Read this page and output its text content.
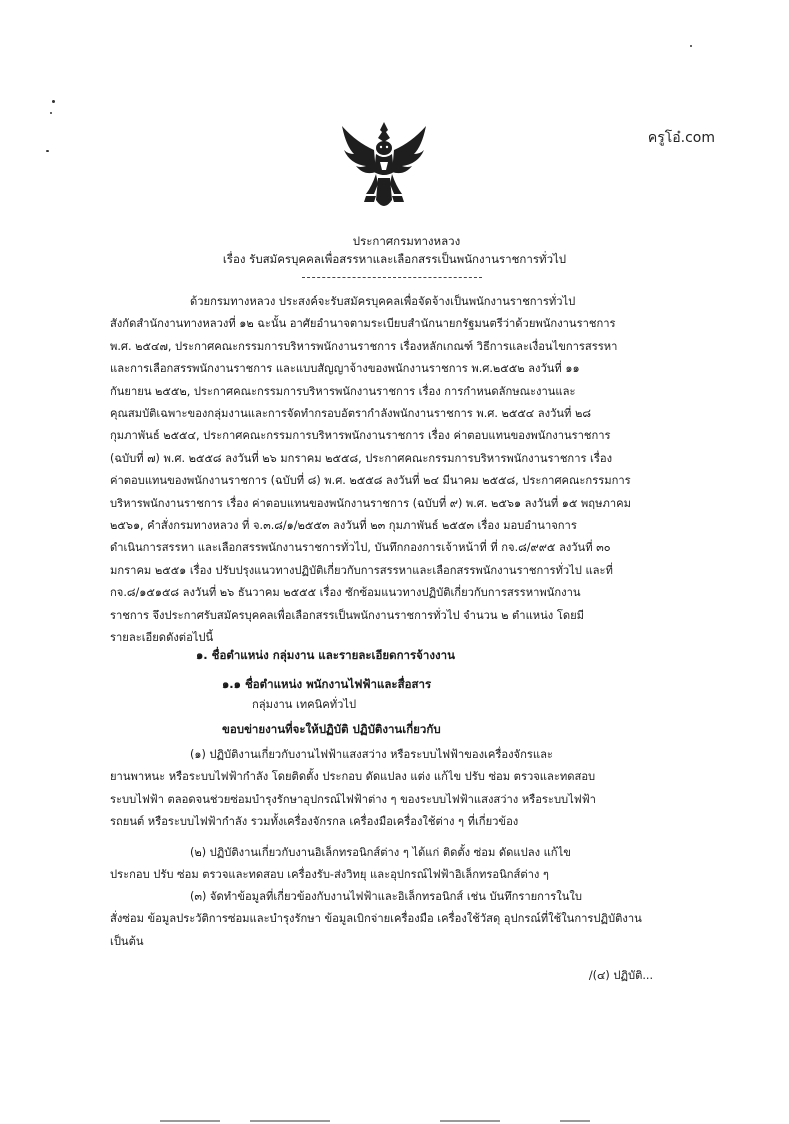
ครูโอ๋.com
ประกาศกรมทางหลวง
เรื่อง รับสมัครบุคคลเพื่อสรรหาและเลือกสรรเป็นพนักงานราชการทั่วไป
ด้วยกรมทางหลวง ประสงค์จะรับสมัครบุคคลเพื่อจัดจ้างเป็นพนักงานราชการทั่วไป
สังกัดสำนักงานทางหลวงที่ ๑๒ ฉะนั้น อาศัยอำนาจตามระเบียบสำนักนายกรัฐมนตรีว่าด้วยพนักงานราชการ
พ.ศ. ๒๕๔๗, ประกาศคณะกรรมการบริหารพนักงานราชการ เรื่องหลักเกณฑ์ วิธีการและเงื่อนไขการสรรหา
และการเลือกสรรพนักงานราชการ และแบบสัญญาจ้างของพนักงานราชการ พ.ศ.๒๕๕๒ ลงวันที่ ๑๑
กันยายน ๒๕๕๒, ประกาศคณะกรรมการบริหารพนักงานราชการ เรื่อง การกำหนดลักษณะงานและ
คุณสมบัติเฉพาะของกลุ่มงานและการจัดทำกรอบอัตรากำลังพนักงานราชการ พ.ศ. ๒๕๕๔ ลงวันที่ ๒๘
กุมภาพันธ์ ๒๕๕๔, ประกาศคณะกรรมการบริหารพนักงานราชการ เรื่อง ค่าตอบแทนของพนักงานราชการ
(ฉบับที่ ๗) พ.ศ. ๒๕๕๘ ลงวันที่ ๒๖ มกราคม ๒๕๕๘, ประกาศคณะกรรมการบริหารพนักงานราชการ เรื่อง
ค่าตอบแทนของพนักงานราชการ (ฉบับที่ ๘) พ.ศ. ๒๕๕๘ ลงวันที่ ๒๔ มีนาคม ๒๕๕๘, ประกาศคณะกรรมการ
บริหารพนักงานราชการ เรื่อง ค่าตอบแทนของพนักงานราชการ (ฉบับที่ ๙) พ.ศ. ๒๕๖๑ ลงวันที่ ๑๕ พฤษภาคม
๒๕๖๑, คำสั่งกรมทางหลวง ที่ จ.๓.๘/๑/๒๕๕๓ ลงวันที่ ๒๓ กุมภาพันธ์ ๒๕๕๓ เรื่อง มอบอำนาจการ
ดำเนินการสรรหา และเลือกสรรพนักงานราชการทั่วไป, บันทึกกองการเจ้าหน้าที่ ที่ กจ.๘/๙๙๕ ลงวันที่ ๓๐
มกราคม ๒๕๕๑ เรื่อง ปรับปรุงแนวทางปฏิบัติเกี่ยวกับการสรรหาและเลือกสรรพนักงานราชการทั่วไป และที่
กจ.๘/๑๕๑๕๘ ลงวันที่ ๒๖ ธันวาคม ๒๕๕๕ เรื่อง ซักซ้อมแนวทางปฏิบัติเกี่ยวกับการสรรหาพนักงาน
ราชการ จึงประกาศรับสมัครบุคคลเพื่อเลือกสรรเป็นพนักงานราชการทั่วไป จำนวน ๒ ตำแหน่ง โดยมี
รายละเอียดดังต่อไปนี้
๑. ชื่อตำแหน่ง กลุ่มงาน และรายละเอียดการจ้างงาน
๑.๑ ชื่อตำแหน่ง พนักงานไฟฟ้าและสื่อสาร
กลุ่มงาน เทคนิคทั่วไป
ขอบข่ายงานที่จะให้ปฏิบัติ ปฏิบัติงานเกี่ยวกับ
(๑) ปฏิบัติงานเกี่ยวกับงานไฟฟ้าแสงสว่าง หรือระบบไฟฟ้าของเครื่องจักรและ
ยานพาหนะ หรือระบบไฟฟ้ากำลัง โดยติดตั้ง ประกอบ ดัดแปลง แต่ง แก้ไข ปรับ ซ่อม ตรวจและทดสอบ
ระบบไฟฟ้า ตลอดจนช่วยซ่อมบำรุงรักษาอุปกรณ์ไฟฟ้าต่าง ๆ ของระบบไฟฟ้าแสงสว่าง หรือระบบไฟฟ้า
รถยนต์ หรือระบบไฟฟ้ากำลัง รวมทั้งเครื่องจักรกล เครื่องมือเครื่องใช้ต่าง ๆ ที่เกี่ยวข้อง
(๒) ปฏิบัติงานเกี่ยวกับงานอิเล็กทรอนิกส์ต่าง ๆ ได้แก่ ติดตั้ง ซ่อม ดัดแปลง แก้ไข
ประกอบ ปรับ ซ่อม ตรวจและทดสอบ เครื่องรับ-ส่งวิทยุ และอุปกรณ์ไฟฟ้าอิเล็กทรอนิกส์ต่าง ๆ
(๓) จัดทำข้อมูลที่เกี่ยวข้องกับงานไฟฟ้าและอิเล็กทรอนิกส์ เช่น บันทึกรายการในใบ
สั่งซ่อม ข้อมูลประวัติการซ่อมและบำรุงรักษา ข้อมูลเบิกจ่ายเครื่องมือ เครื่องใช้วัสดุ อุปกรณ์ที่ใช้ในการปฏิบัติงาน
เป็นต้น
/(๔) ปฏิบัติ...
